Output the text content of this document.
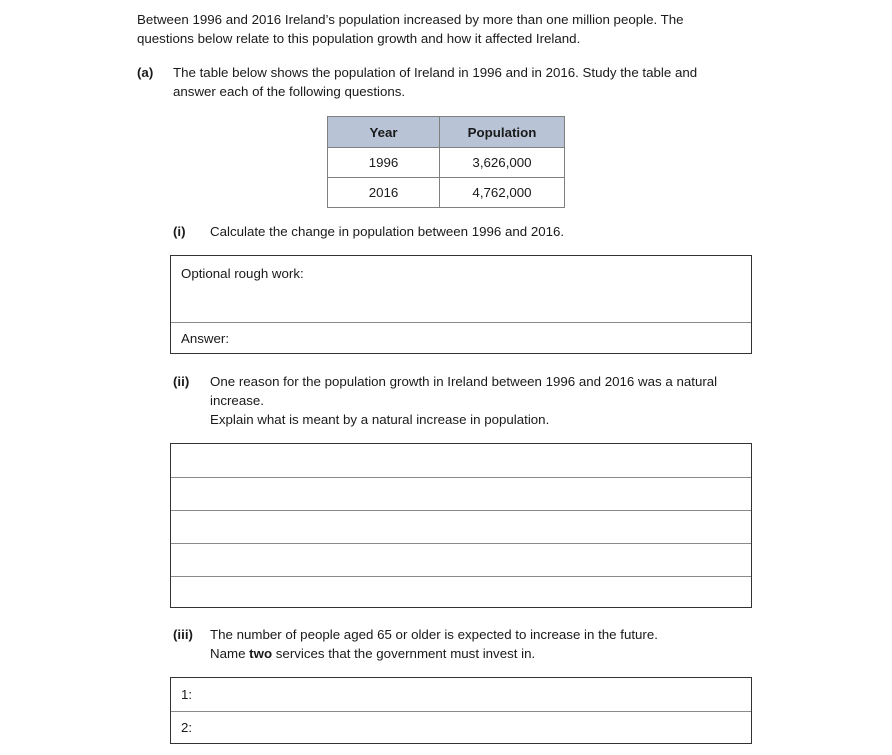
Between 1996 and 2016 Ireland’s population increased by more than one million people. The
questions below relate to this population growth and how it affected Ireland.
(a) The table below shows the population of Ireland in 1996 and in 2016. Study the table and
answer each of the following questions.
Year	Population
1996	3,626,000
2016	4,762,000
(i) Calculate the change in population between 1996 and 2016.
Optional rough work:
Answer:
(ii) One reason for the population growth in Ireland between 1996 and 2016 was a natural
increase.
Explain what is meant by a natural increase in population.
(iii) The number of people aged 65 or older is expected to increase in the future.
Name two services that the government must invest in.
1:
2:
